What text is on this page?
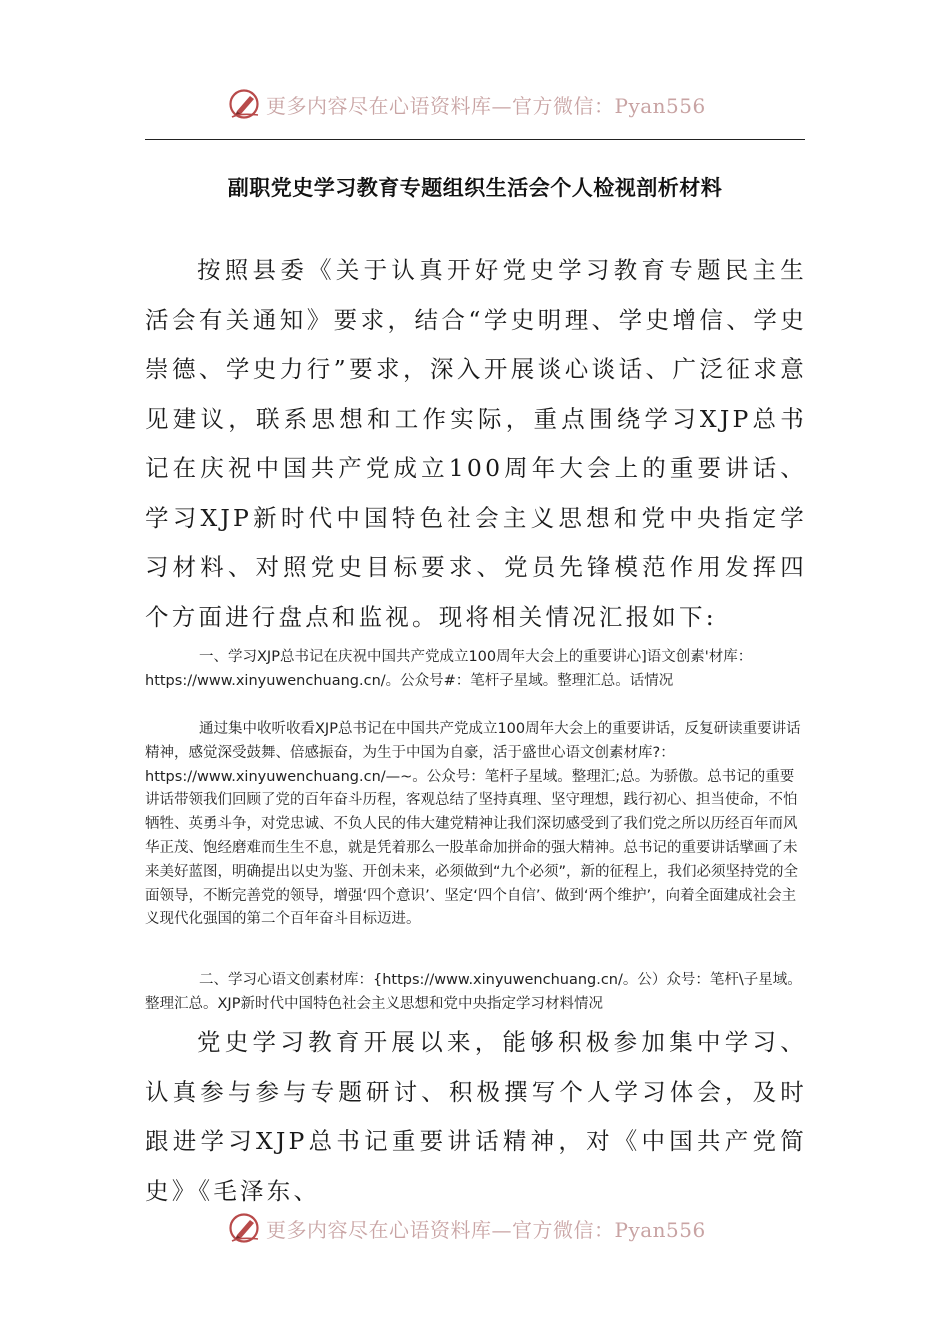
更多内容尽在心语资料库—官方微信：Pyan556
副职党史学习教育专题组织生活会个人检视剖析材料
按照县委《关于认真开好党史学习教育专题民主生活会有关通知》要求，结合“学史明理、学史增信、学史崇德、学史力行”要求，深入开展谈心谈话、广泛征求意见建议，联系思想和工作实际，重点围绕学习XJP总书记在庆祝中国共产党成立100周年大会上的重要讲话、学习XJP新时代中国特色社会主义思想和党中央指定学习材料、对照党史目标要求、党员先锋模范作用发挥四个方面进行盘点和监视。现将相关情况汇报如下:

一、学习XJP总书记在庆祝中国共产党成立100周年大会上的重要讲心]语文创素'材库：https://www.xinyuwenchuang.cn/。公众号#：笔杆子星域。整理汇总。话情况

通过集中收听收看XJP总书记在中国共产党成立100周年大会上的重要讲话，反复研读重要讲话精神，感觉深受鼓舞、倍感振奋，为生于中国为自豪，活于盛世心语文创素材库?：https://www.xinyuwenchuang.cn/—~。公众号：笔杆子星域。整理汇;总。为骄傲。总书记的重要讲话带领我们回顾了党的百年奋斗历程，客观总结了坚持真理、坚守理想，践行初心、担当使命，不怕牺牲、英勇斗争，对党忠诚、不负人民的伟大建党精神让我们深切感受到了我们党之所以历经百年而风华正茂、饱经磨难而生生不息，就是凭着那么一股革命加拼命的强大精神。总书记的重要讲话擘画了未来美好蓝图，明确提出以史为鉴、开创未来，必须做到“九个必须”，新的征程上，我们必须坚持党的全面领导，不断完善党的领导，增强‘四个意识’、坚定‘四个自信’、做到‘两个维护’，向着全面建成社会主义现代化强国的第二个百年奋斗目标迈进。

二、学习心语文创素材库：{https://www.xinyuwenchuang.cn/。公）众号：笔杆\子星域。整理汇总。XJP新时代中国特色社会主义思想和党中央指定学习材料情况

党史学习教育开展以来，能够积极参加集中学习、认真参与参与专题研讨、积极撰写个人学习体会，及时跟进学习XJP总书记重要讲话精神，对《中国共产党简史》《毛泽东、
更多内容尽在心语资料库—官方微信：Pyan556
